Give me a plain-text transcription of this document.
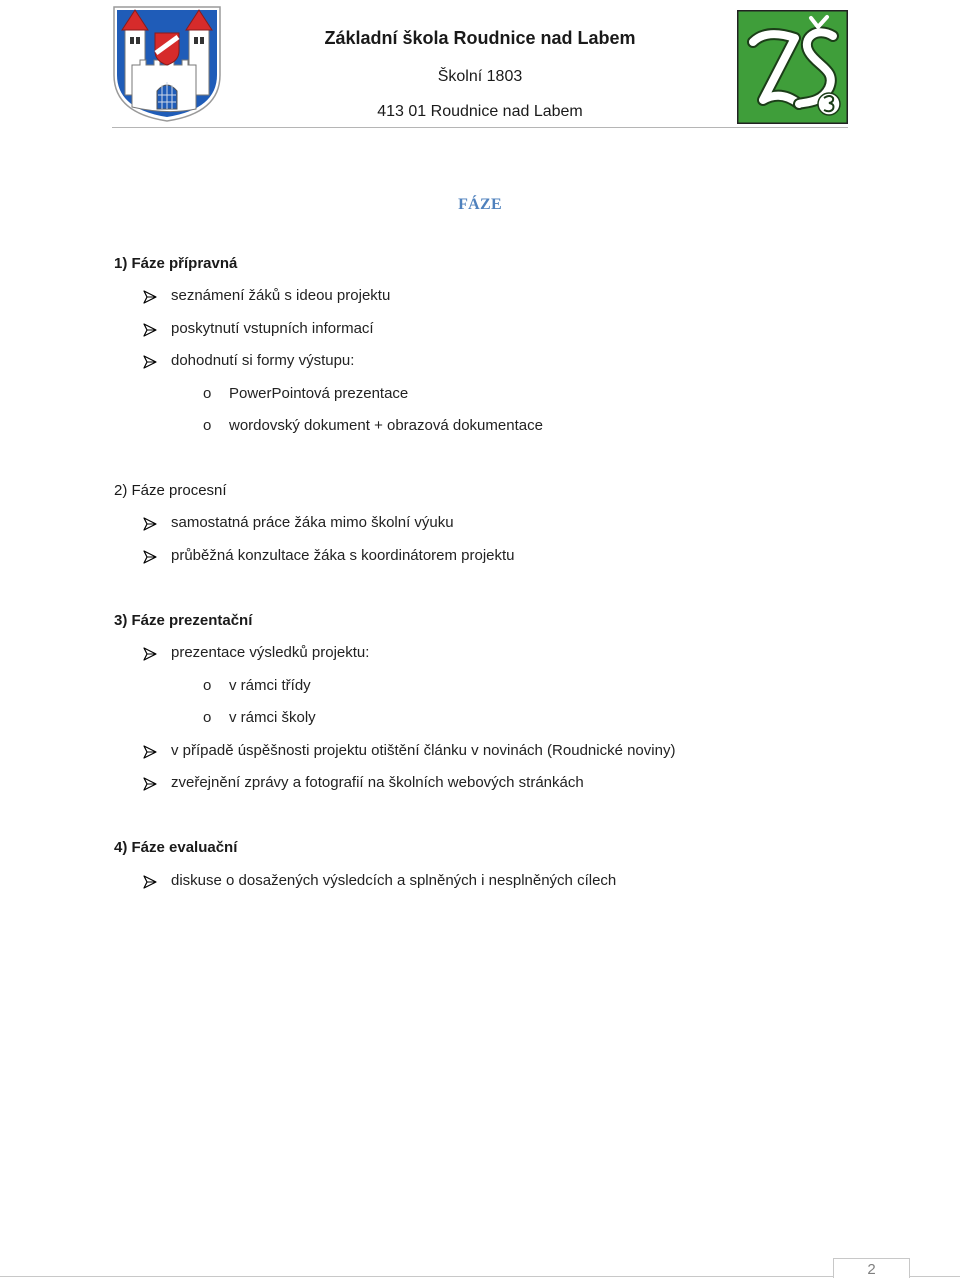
Základní škola Roudnice nad Labem
Školní 1803
413 01 Roudnice nad Labem
FÁZE
1) Fáze přípravná
seznámení žáků s ideou projektu
poskytnutí vstupních informací
dohodnutí si formy výstupu:
o PowerPointová prezentace
o wordovský dokument + obrazová dokumentace
2) Fáze procesní
samostatná práce žáka mimo školní výuku
průběžná konzultace žáka s koordinátorem projektu
3) Fáze prezentační
prezentace výsledků projektu:
o v rámci třídy
o v rámci školy
v případě úspěšnosti projektu otištění článku v novinách (Roudnické noviny)
zveřejnění zprávy a fotografií na školních webových stránkách
4) Fáze evaluační
diskuse o dosažených výsledcích a splněných i nesplněných cílech
2
